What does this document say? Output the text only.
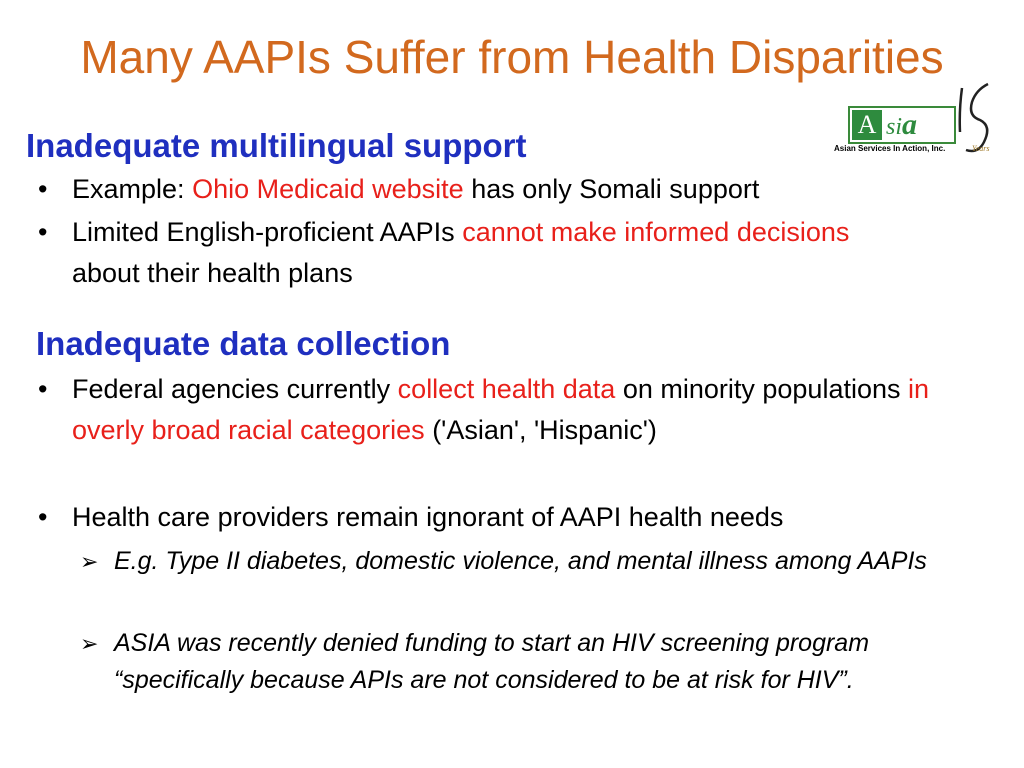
Many AAPIs Suffer from Health Disparities
A sia
Asian Services In Action, Inc.	Years
Inadequate multilingual support
• Example: Ohio Medicaid website has only Somali support
• Limited English-proficient AAPIs cannot make informed decisions about their health plans
Inadequate data collection
• Federal agencies currently collect health data on minority populations in overly broad racial categories ('Asian', 'Hispanic')
• Health care providers remain ignorant of AAPI health needs
➢ E.g. Type II diabetes, domestic violence, and mental illness among AAPIs
➢ ASIA was recently denied funding to start an HIV screening program “specifically because APIs are not considered to be at risk for HIV”.
